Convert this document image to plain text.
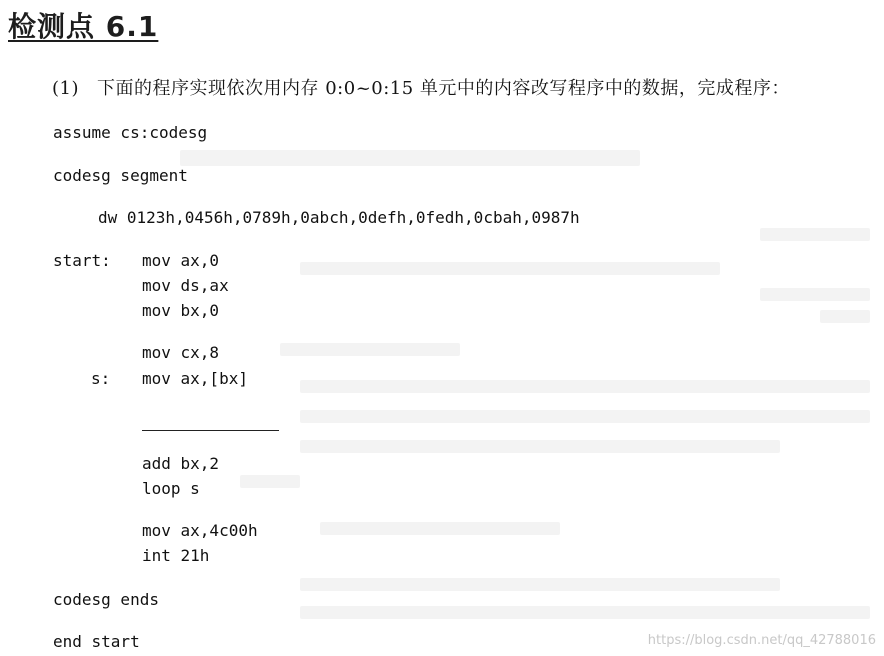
检测点 6.1
(1) 下面的程序实现依次用内存 0:0~0:15 单元中的内容改写程序中的数据，完成程序：
assume cs:codesg
codesg segment
dw 0123h,0456h,0789h,0abch,0defh,0fedh,0cbah,0987h
start: mov ax,0
mov ds,ax
mov bx,0
mov cx,8
s: mov ax,[bx]
add bx,2
loop s
mov ax,4c00h
int 21h
codesg ends
end start	https://blog.csdn.net/qq_42788016
